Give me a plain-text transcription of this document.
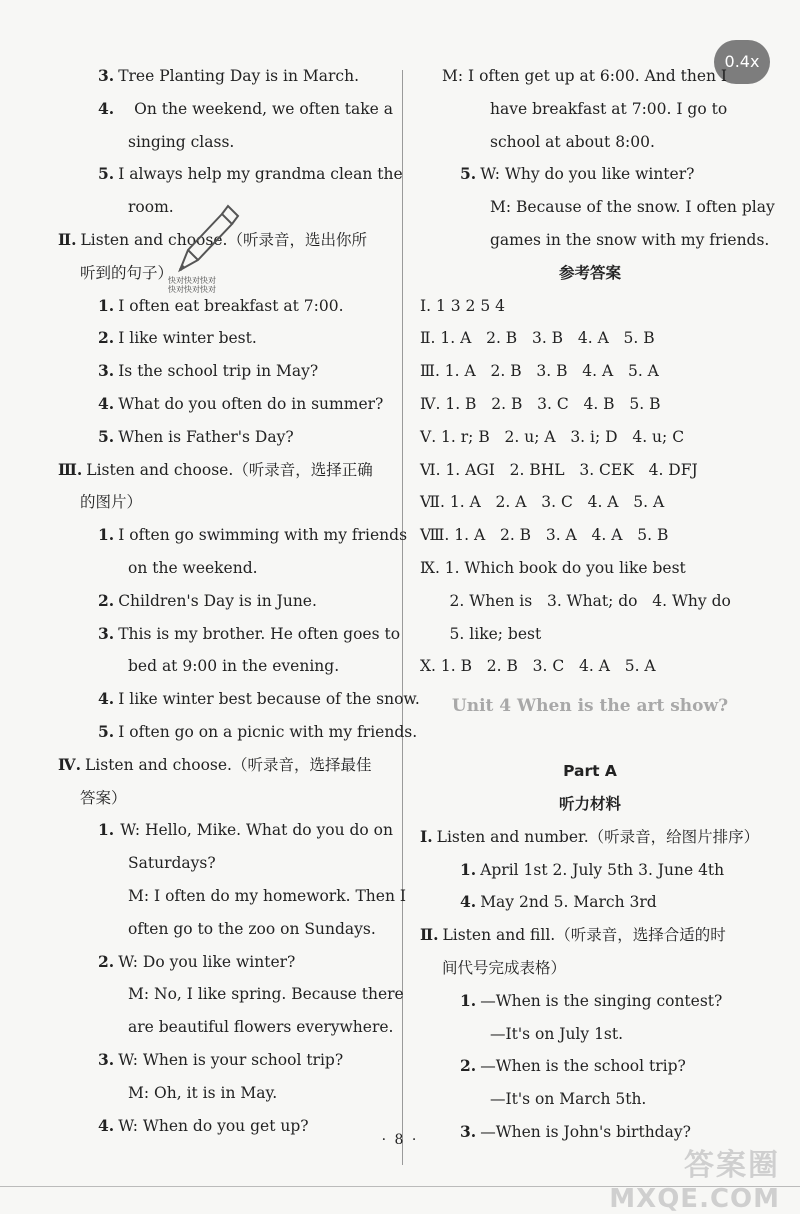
0.4x
3. Tree Planting Day is in March.
4. On the weekend, we often take a
singing class.
5. I always help my grandma clean the
room.
Ⅱ. Listen and choose.（听录音，选出你所
听到的句子）
1. I often eat breakfast at 7:00.
2. I like winter best.
3. Is the school trip in May?
4. What do you often do in summer?
5. When is Father's Day?
Ⅲ. Listen and choose.（听录音，选择正确
的图片）
1. I often go swimming with my friends
on the weekend.
2. Children's Day is in June.
3. This is my brother. He often goes to
bed at 9:00 in the evening.
4. I like winter best because of the snow.
5. I often go on a picnic with my friends.
Ⅳ. Listen and choose.（听录音，选择最佳
答案）
1. W: Hello, Mike. What do you do on
Saturdays?
M: I often do my homework. Then I
often go to the zoo on Sundays.
2. W: Do you like winter?
M: No, I like spring. Because there
are beautiful flowers everywhere.
3. W: When is your school trip?
M: Oh, it is in May.
4. W: When do you get up?
M: I often get up at 6:00. And then I
have breakfast at 7:00. I go to
school at about 8:00.
5. W: Why do you like winter?
M: Because of the snow. I often play
games in the snow with my friends.
参考答案
Ⅰ. 1 3 2 5 4
Ⅱ. 1. A   2. B   3. B   4. A   5. B
Ⅲ. 1. A   2. B   3. B   4. A   5. A
Ⅳ. 1. B   2. B   3. C   4. B   5. B
Ⅴ. 1. r; B   2. u; A   3. i; D   4. u; C
Ⅵ. 1. AGI   2. BHL   3. CEK   4. DFJ
Ⅶ. 1. A   2. A   3. C   4. A   5. A
Ⅷ. 1. A   2. B   3. A   4. A   5. B
Ⅸ. 1. Which book do you like best
2. When is   3. What; do   4. Why do
5. like; best
Ⅹ. 1. B   2. B   3. C   4. A   5. A
Unit 4 When is the art show?
Part A
听力材料
Ⅰ. Listen and number.（听录音，给图片排序）
1. April 1st 2. July 5th 3. June 4th
4. May 2nd 5. March 3rd
Ⅱ. Listen and fill.（听录音，选择合适的时
间代号完成表格）
1. —When is the singing contest?
—It's on July 1st.
2. —When is the school trip?
—It's on March 5th.
3. —When is John's birthday?
快对快对快对
快对快对快对
· 8 ·
答案圈
MXQE.COM
